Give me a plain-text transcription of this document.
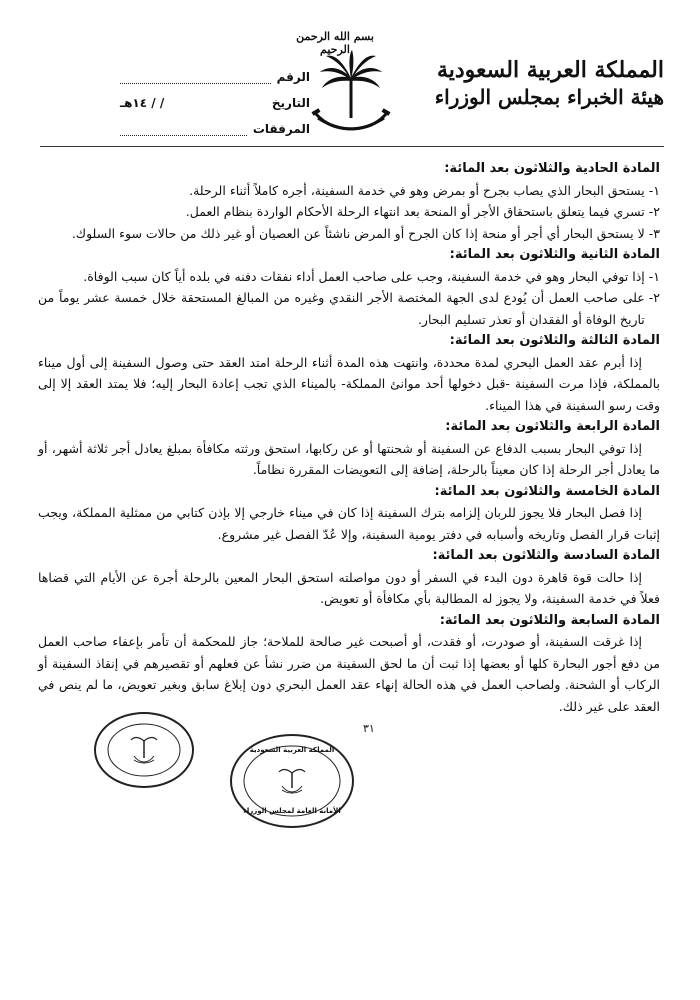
المملكة العربية السعودية
هيئة الخبراء بمجلس الوزراء
بسم الله الرحمن الرحيم
الرقم
التاريخ
/ / ١٤هـ
المرفقات
المادة الحادية والثلاثون بعد المائة:
١-
يستحق البحار الذي يصاب بجرح أو بمرض وهو في خدمة السفينة، أجره كاملاً أثناء الرحلة.
٢-
تسري فيما يتعلق باستحقاق الأجر أو المنحة بعد انتهاء الرحلة الأحكام الواردة بنظام العمل.
٣-
لا يستحق البحار أي أجر أو منحة إذا كان الجرح أو المرض ناشئاً عن العصيان أو غير ذلك من حالات سوء السلوك.
المادة الثانية والثلاثون بعد المائة:
١-
إذا توفي البحار وهو في خدمة السفينة، وجب على صاحب العمل أداء نفقات دفنه في بلده أياً كان سبب الوفاة.
٢-
على صاحب العمل أن يُودع لدى الجهة المختصة الأجر النقدي وغيره من المبالغ المستحقة خلال خمسة عشر يوماً من تاريخ الوفاة أو الفقدان أو تعذر تسليم البحار.
المادة الثالثة والثلاثون بعد المائة:
إذا أبرم عقد العمل البحري لمدة محددة، وانتهت هذه المدة أثناء الرحلة امتد العقد حتى وصول السفينة إلى أول ميناء بالمملكة، فإذا مرت السفينة -قبل دخولها أحد موانئ المملكة- بالميناء الذي تجب إعادة البحار إليه؛ فلا يمتد العقد إلا إلى وقت رسو السفينة في هذا الميناء.
المادة الرابعة والثلاثون بعد المائة:
إذا توفي البحار بسبب الدفاع عن السفينة أو شحنتها أو عن ركابها، استحق ورثته مكافأة بمبلغ يعادل أجر ثلاثة أشهر، أو ما يعادل أجر الرحلة إذا كان معيناً بالرحلة، إضافة إلى التعويضات المقررة نظاماً.
المادة الخامسة والثلاثون بعد المائة:
إذا فصل البحار فلا يجوز للربان إلزامه بترك السفينة إذا كان في ميناء خارجي إلا بإذن كتابي من ممثلية المملكة، ويجب إثبات قرار الفصل وتاريخه وأسبابه في دفتر يومية السفينة، وإلا عُدّ الفصل غير مشروع.
المادة السادسة والثلاثون بعد المائة:
إذا حالت قوة قاهرة دون البدء في السفر أو دون مواصلته استحق البحار المعين بالرحلة أجرة عن الأيام التي قضاها فعلاً في خدمة السفينة، ولا يجوز له المطالبة بأي مكافأة أو تعويض.
المادة السابعة والثلاثون بعد المائة:
إذا غرقت السفينة، أو صودرت، أو فقدت، أو أصبحت غير صالحة للملاحة؛ جاز للمحكمة أن تأمر بإعفاء صاحب العمل من دفع أجور البحارة كلها أو بعضها إذا ثبت أن ما لحق السفينة من ضرر نشأ عن فعلهم أو تقصيرهم في إنقاذ السفينة أو الركاب أو الشحنة. ولصاحب العمل في هذه الحالة إنهاء عقد العمل البحري دون إبلاغ سابق وبغير تعويض، ما لم ينص في العقد على غير ذلك.
٣١
المملكة العربية السعودية
الأمانة العامة لمجلس الوزراء
